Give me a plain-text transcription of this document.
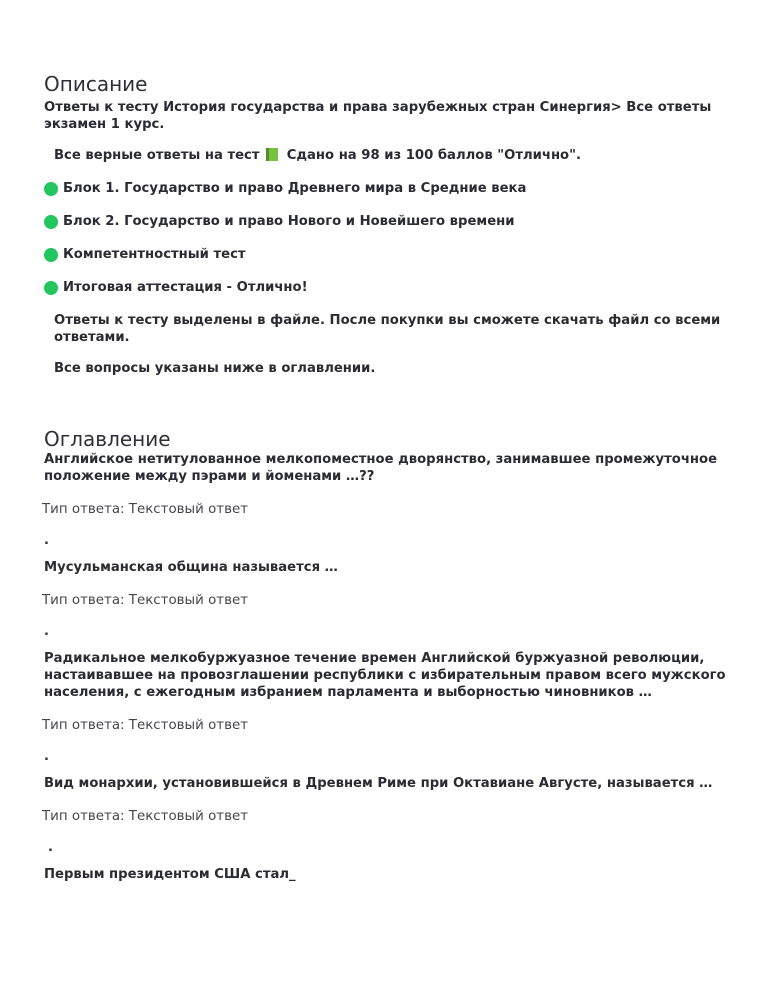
Описание
Ответы к тесту История государства и права зарубежных стран Синергия> Все ответы экзамен 1 курс.
Все верные ответы на тест Сдано на 98 из 100 баллов "Отлично".
Блок 1. Государство и право Древнего мира в Средние века
Блок 2. Государство и право Нового и Новейшего времени
Компетентностный тест
Итоговая аттестация - Отлично!
Ответы к тесту выделены в файле. После покупки вы сможете скачать файл со всеми ответами.
Все вопросы указаны ниже в оглавлении.
Оглавление
Английское нетитулованное мелкопоместное дворянство, занимавшее промежуточное положение между пэрами и йоменами …??
Тип ответа: Текстовый ответ
.
Мусульманская община называется …
Тип ответа: Текстовый ответ
.
Радикальное мелкобуржуазное течение времен Английской буржуазной революции, настаивавшее на провозглашении республики с избирательным правом всего мужского населения, с ежегодным избранием парламента и выборностью чиновников …
Тип ответа: Текстовый ответ
.
Вид монархии, установившейся в Древнем Риме при Октавиане Августе, называется …
Тип ответа: Текстовый ответ
.
Первым президентом США стал_
